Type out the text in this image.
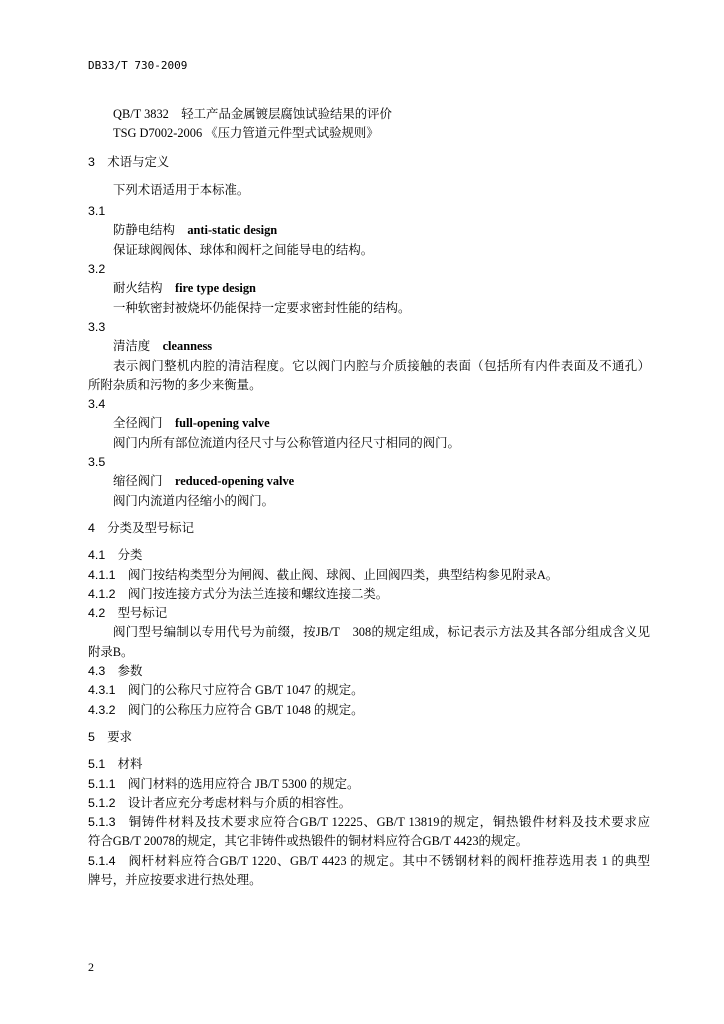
DB33/T 730-2009
QB/T 3832　轻工产品金属镀层腐蚀试验结果的评价
TSG D7002-2006 《压力管道元件型式试验规则》
3 术语与定义
下列术语适用于本标准。
3.1
防静电结构 anti-static design
保证球阀阀体、球体和阀杆之间能导电的结构。
3.2
耐火结构 fire type design
一种软密封被烧坏仍能保持一定要求密封性能的结构。
3.3
清洁度 cleanness
表示阀门整机内腔的清洁程度。它以阀门内腔与介质接触的表面（包括所有内件表面及不通孔）
所附杂质和污物的多少来衡量。
3.4
全径阀门 full-opening valve
阀门内所有部位流道内径尺寸与公称管道内径尺寸相同的阀门。
3.5
缩径阀门 reduced-opening valve
阀门内流道内径缩小的阀门。
4 分类及型号标记
4.1 分类
4.1.1 阀门按结构类型分为闸阀、截止阀、球阀、止回阀四类，典型结构参见附录A。
4.1.2 阀门按连接方式分为法兰连接和螺纹连接二类。
4.2 型号标记
阀门型号编制以专用代号为前缀，按JB/T　308的规定组成，标记表示方法及其各部分组成含义见
附录B。
4.3 参数
4.3.1 阀门的公称尺寸应符合 GB/T 1047 的规定。
4.3.2 阀门的公称压力应符合 GB/T 1048 的规定。
5 要求
5.1 材料
5.1.1 阀门材料的选用应符合 JB/T 5300 的规定。
5.1.2 设计者应充分考虑材料与介质的相容性。
5.1.3 铜铸件材料及技术要求应符合GB/T 12225、GB/T 13819的规定，铜热锻件材料及技术要求应
符合GB/T 20078的规定，其它非铸件或热锻件的铜材料应符合GB/T 4423的规定。
5.1.4 阀杆材料应符合GB/T 1220、GB/T 4423 的规定。其中不锈钢材料的阀杆推荐选用表 1 的典型
牌号，并应按要求进行热处理。
2
